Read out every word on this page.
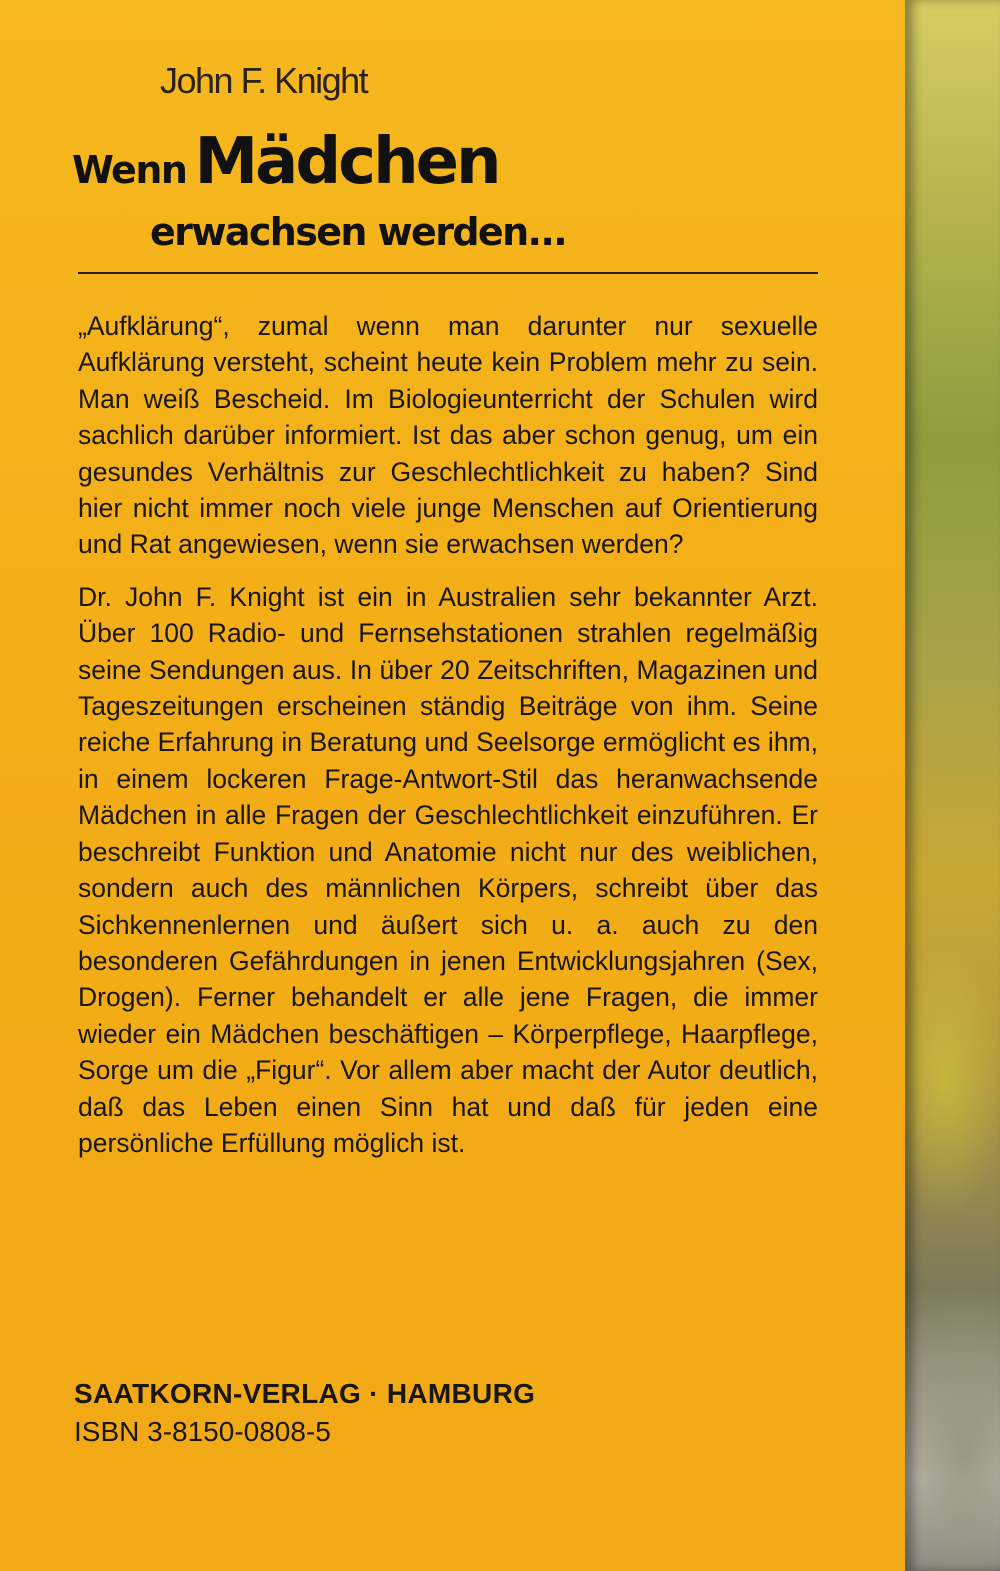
John F. Knight

Wenn Mädchen
erwachsen werden...

„Aufklärung“, zumal wenn man darunter nur sexuelle Aufklärung versteht, scheint heute kein Problem mehr zu sein. Man weiß Bescheid. Im Biologieunterricht der Schulen wird sachlich darüber informiert. Ist das aber schon genug, um ein gesundes Verhältnis zur Geschlechtlichkeit zu haben? Sind hier nicht immer noch viele junge Menschen auf Orientierung und Rat angewiesen, wenn sie erwachsen werden?

Dr. John F. Knight ist ein in Australien sehr bekannter Arzt. Über 100 Radio- und Fernsehstationen strahlen regelmäßig seine Sendungen aus. In über 20 Zeitschriften, Magazinen und Tageszeitungen erscheinen ständig Beiträge von ihm. Seine reiche Erfahrung in Beratung und Seelsorge ermöglicht es ihm, in einem lockeren Frage-Antwort-Stil das heranwachsende Mädchen in alle Fragen der Geschlechtlichkeit einzuführen. Er beschreibt Funktion und Anatomie nicht nur des weiblichen, sondern auch des männlichen Körpers, schreibt über das Sichkennenlernen und äußert sich u. a. auch zu den besonderen Gefährdungen in jenen Entwicklungsjahren (Sex, Drogen). Ferner behandelt er alle jene Fragen, die immer wieder ein Mädchen beschäftigen – Körperpflege, Haarpflege, Sorge um die „Figur“. Vor allem aber macht der Autor deutlich, daß das Leben einen Sinn hat und daß für jeden eine persönliche Erfüllung möglich ist.

SAATKORN-VERLAG · HAMBURG

ISBN 3-8150-0808-5
